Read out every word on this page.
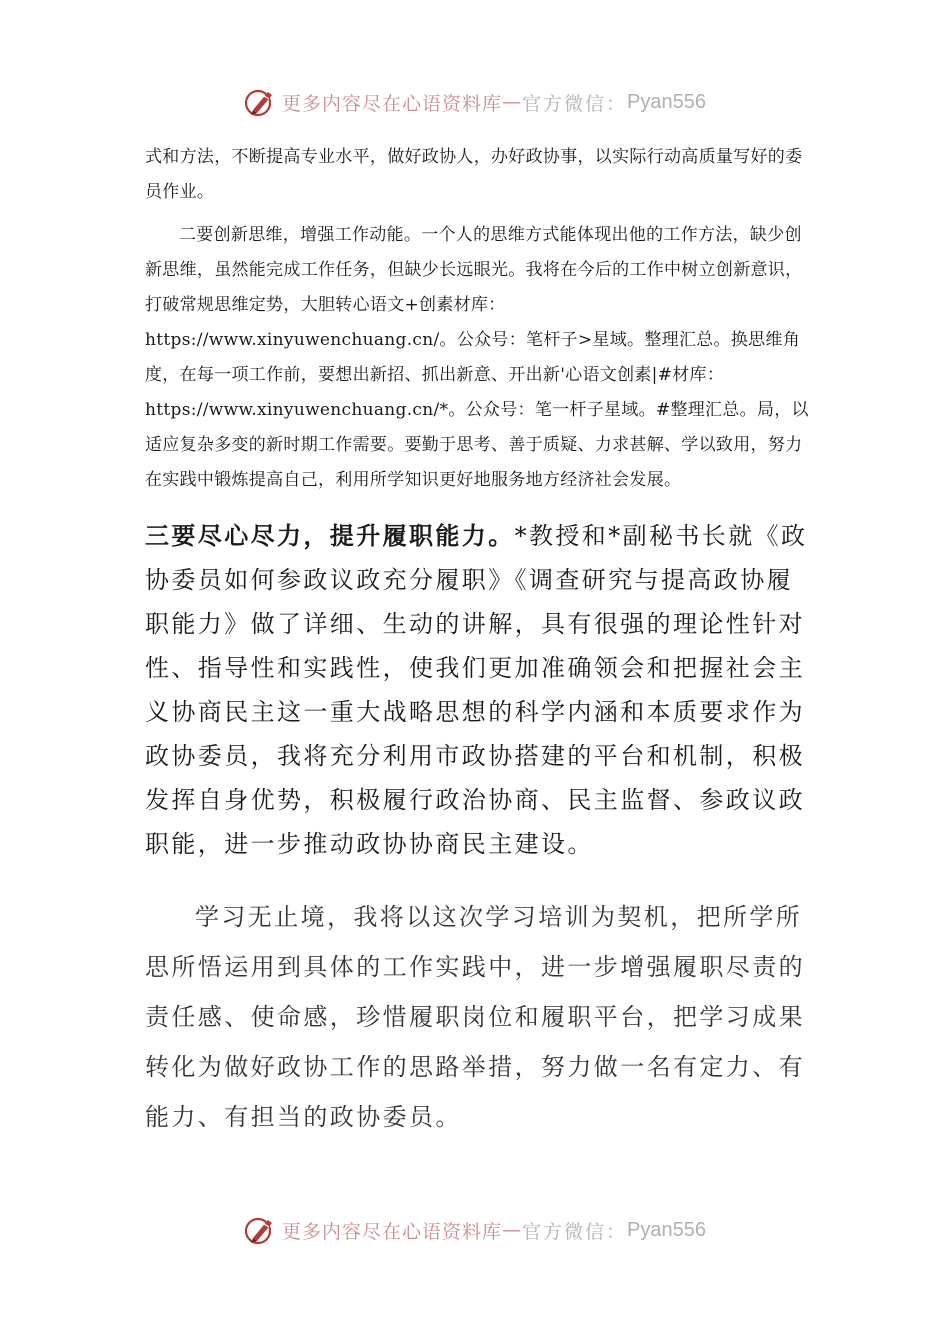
更多内容尽在心语资料库 — 官方微信： Pyan556

式和方法，不断提高专业水平，做好政协人，办好政协事，以实际行动高质量写好的委员作业。

二要创新思维，增强工作动能。一个人的思维方式能体现出他的工作方法，缺少创新思维，虽然能完成工作任务，但缺少长远眼光。我将在今后的工作中树立创新意识，打破常规思维定势，大胆转心语文+创素材库：https://www.xinyuwenchuang.cn/。公众号：笔杆子>星域。整理汇总。换思维角度，在每一项工作前，要想出新招、抓出新意、开出新'心语文创素|#材库：https://www.xinyuwenchuang.cn/*。公众号：笔一杆子星域。#整理汇总。局，以适应复杂多变的新时期工作需要。要勤于思考、善于质疑、力求甚解、学以致用，努力在实践中锻炼提高自己，利用所学知识更好地服务地方经济社会发展。

三要尽心尽力，提升履职能力。*教授和*副秘书长就《政协委员如何参政议政充分履职》《调查研究与提高政协履职能力》做了详细、生动的讲解，具有很强的理论性针对性、指导性和实践性，使我们更加准确领会和把握社会主义协商民主这一重大战略思想的科学内涵和本质要求作为政协委员，我将充分利用市政协搭建的平台和机制，积极发挥自身优势，积极履行政治协商、民主监督、参政议政职能，进一步推动政协协商民主建设。

学习无止境，我将以这次学习培训为契机，把所学所思所悟运用到具体的工作实践中，进一步增强履职尽责的责任感、使命感，珍惜履职岗位和履职平台，把学习成果转化为做好政协工作的思路举措，努力做一名有定力、有能力、有担当的政协委员。

更多内容尽在心语资料库 — 官方微信： Pyan556
